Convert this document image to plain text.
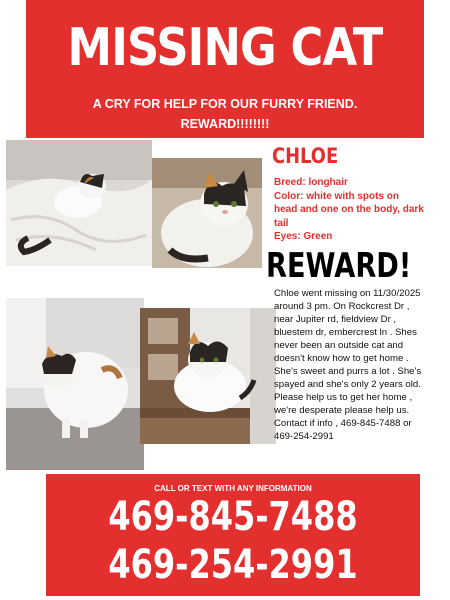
MISSING CAT
A CRY FOR HELP FOR OUR FURRY FRIEND.
REWARD!!!!!!!!
CHLOE
Breed: longhair
Color: white with spots on head and one on the body, dark tail
Eyes: Green
REWARD!
Chloe went missing on 11/30/2025 around 3 pm. On Rockcrest Dr , near Jupiter rd, fieldview Dr , bluestem dr, embercrest ln . Shes never been an outside cat and doesn't know how to get home . She's sweet and purrs a lot . She's spayed and she's only 2 years old. Please help us to get her home , we're desperate please help us. Contact if info , 469-845-7488 or 469-254-2991
CALL OR TEXT WITH ANY INFORMATION
469-845-7488
469-254-2991
